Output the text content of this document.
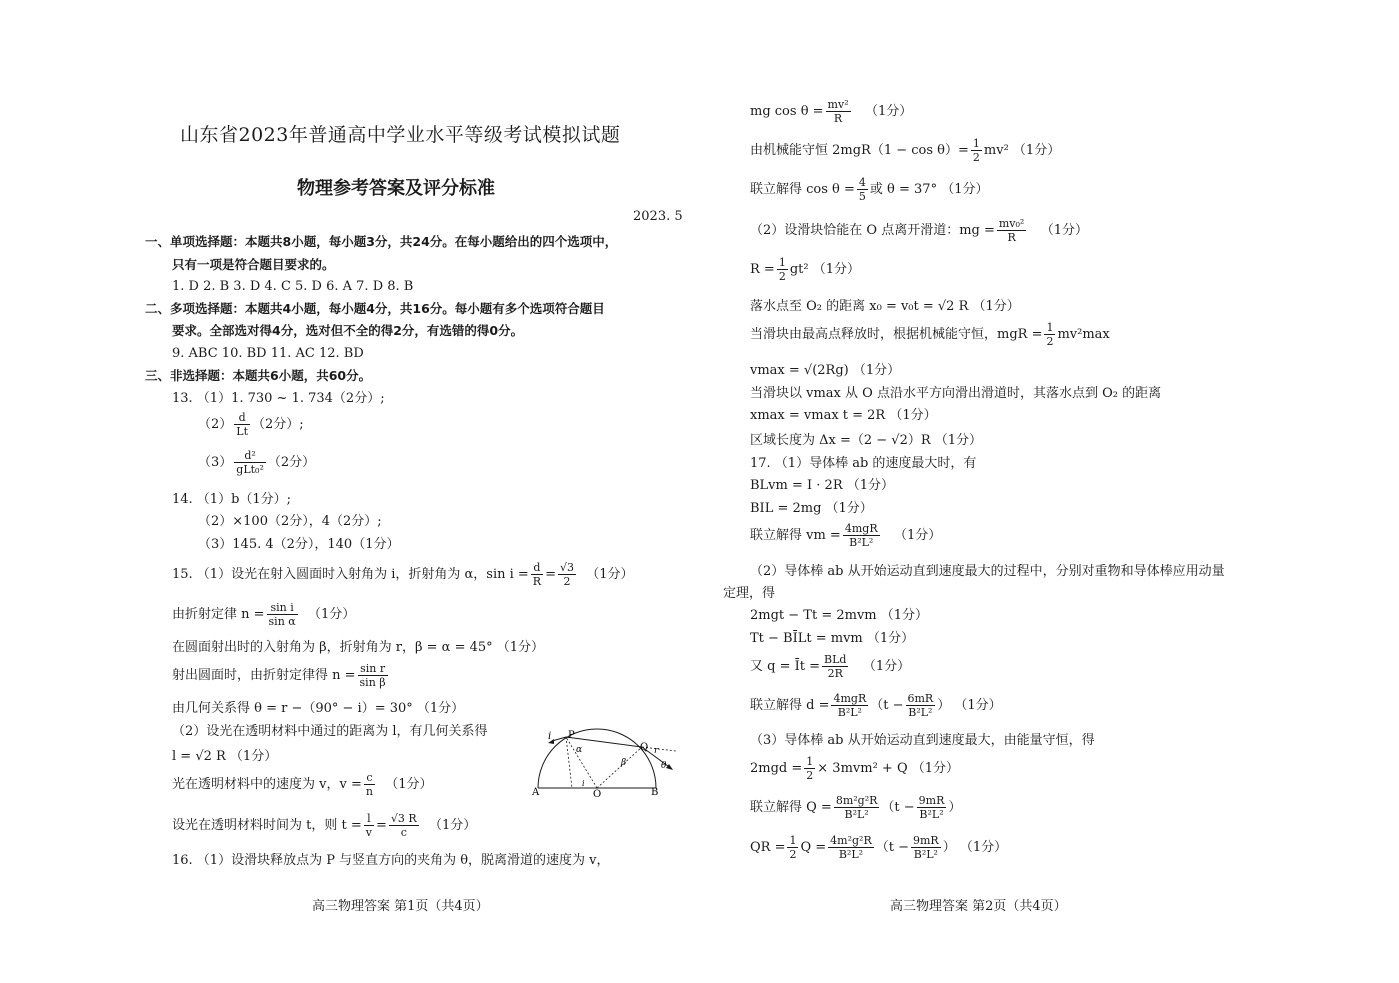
山东省2023年普通高中学业水平等级考试模拟试题
物理参考答案及评分标准
2023. 5
一、单项选择题：本题共8小题，每小题3分，共24分。在每小题给出的四个选项中，
只有一项是符合题目要求的。
1. D 2. B 3. D 4. C 5. D 6. A 7. D 8. B
二、多项选择题：本题共4小题，每小题4分，共16分。每小题有多个选项符合题目
要求。全部选对得4分，选对但不全的得2分，有选错的得0分。
9. ABC 10. BD 11. AC 12. BD
三、非选择题：本题共6小题，共60分。
13. （1）1. 730 ~ 1. 734（2分）;
$(2) \frac{d}{Lt} (2$分）;
$(3) \frac{\text{d²}}{\text{gLt₀²}} (2$分）
14. （1）b（1分）;
（2）×100（2分），4（2分）;
（3）145. 4（2分），140（1分）
15. （1）设光在射入圆面时入射角为 i，折射角为 α，$\sin i = \frac{d}{R} = \frac{√3}{2} (1$分）
由折射定律 $n = \frac{\text{sin i}}{\text{sin α}} (1$分）
在圆面射出时的入射角为 β，折射角为 r，β = α = 45° （1分）
射出圆面时，由折射定律得 $n = \frac{\text{sin r}}{\text{sin β}}$
由几何关系得 θ = r −（90° − i）= 30° （1分）
（2）设光在透明材料中通过的距离为 l，有几何关系得
l = √2 R （1分）
光在透明材料中的速度为 v，$v = \frac{c}{n} (1$分）
设光在透明材料时间为 t，则 $t = \frac{l}{v} = \frac{√3 R}{c} (1$分）
16. （1）设滑块释放点为 P 与竖直方向的夹角为 θ，脱离滑道的速度为 v，
高三物理答案 第1页（共4页）
i P
α
β
Q r
θ
A	O	B
i
mg $\cos \theta = \frac{\text{mv²}}{R} (1$分）
由机械能守恒 $2mgR(1 - \cos \theta)= \frac{1}{2} mv^2$ （1分）
联立解得 $\cos \theta = \frac{4}{5}$ 或 θ = 37° （1分）
（2）设滑块恰能在 O 点离开滑道：mg = $\frac{\text{mv₀²}}{R} (1$分）
$R = \frac{1}{2} gt^2$ （1分）
落水点至 O₂ 的距离 x₀ = v₀t = √2 R （1分）
当滑块由最高点释放时，根据机械能守恒，mgR = $\frac{1}{2} mv^2\max$
vmax = √(2Rg) （1分）
当滑块以 vmax 从 O 点沿水平方向滑出滑道时，其落水点到 O₂ 的距离
xmax = vmax t = 2R （1分）
区域长度为 Δx =（2 − √2）R （1分）
17. （1）导体棒 ab 的速度最大时，有
BLvm = I · 2R （1分）
BIL = 2mg （1分）
联立解得 vm = $\frac{\text{4mgR}}{\text{B²L²}} (1$分）
（2）导体棒 ab 从开始运动直到速度最大的过程中，分别对重物和导体棒应用动量
定理，得
2mgt − Tt = 2mvm （1分）
Tt − BĪLt = mvm （1分）
又 q = Īt = $\frac{\text{BLd}}{2R} (1$分）
联立解得 $d = \frac{\text{4mgR}}{\text{B²L²}} (t - \frac{6mR}{\text{B²L²}}$ ） （1分）
（3）导体棒 ab 从开始运动直到速度最大，由能量守恒，得
$2mgd = \frac{1}{2} \times 3mvm^2 + Q$ （1分）
联立解得 $Q = \frac{\text{8m²g²R}}{\text{B²L²}} (t - \frac{9mR}{\text{B²L²}}$ ）
QR = $\frac{1}{2}$ $Q = \frac{\text{4m²g²R}}{\text{B²L²}} (t - \frac{9mR}{\text{B²L²}}$ ） （1分）
高三物理答案 第2页（共4页）
